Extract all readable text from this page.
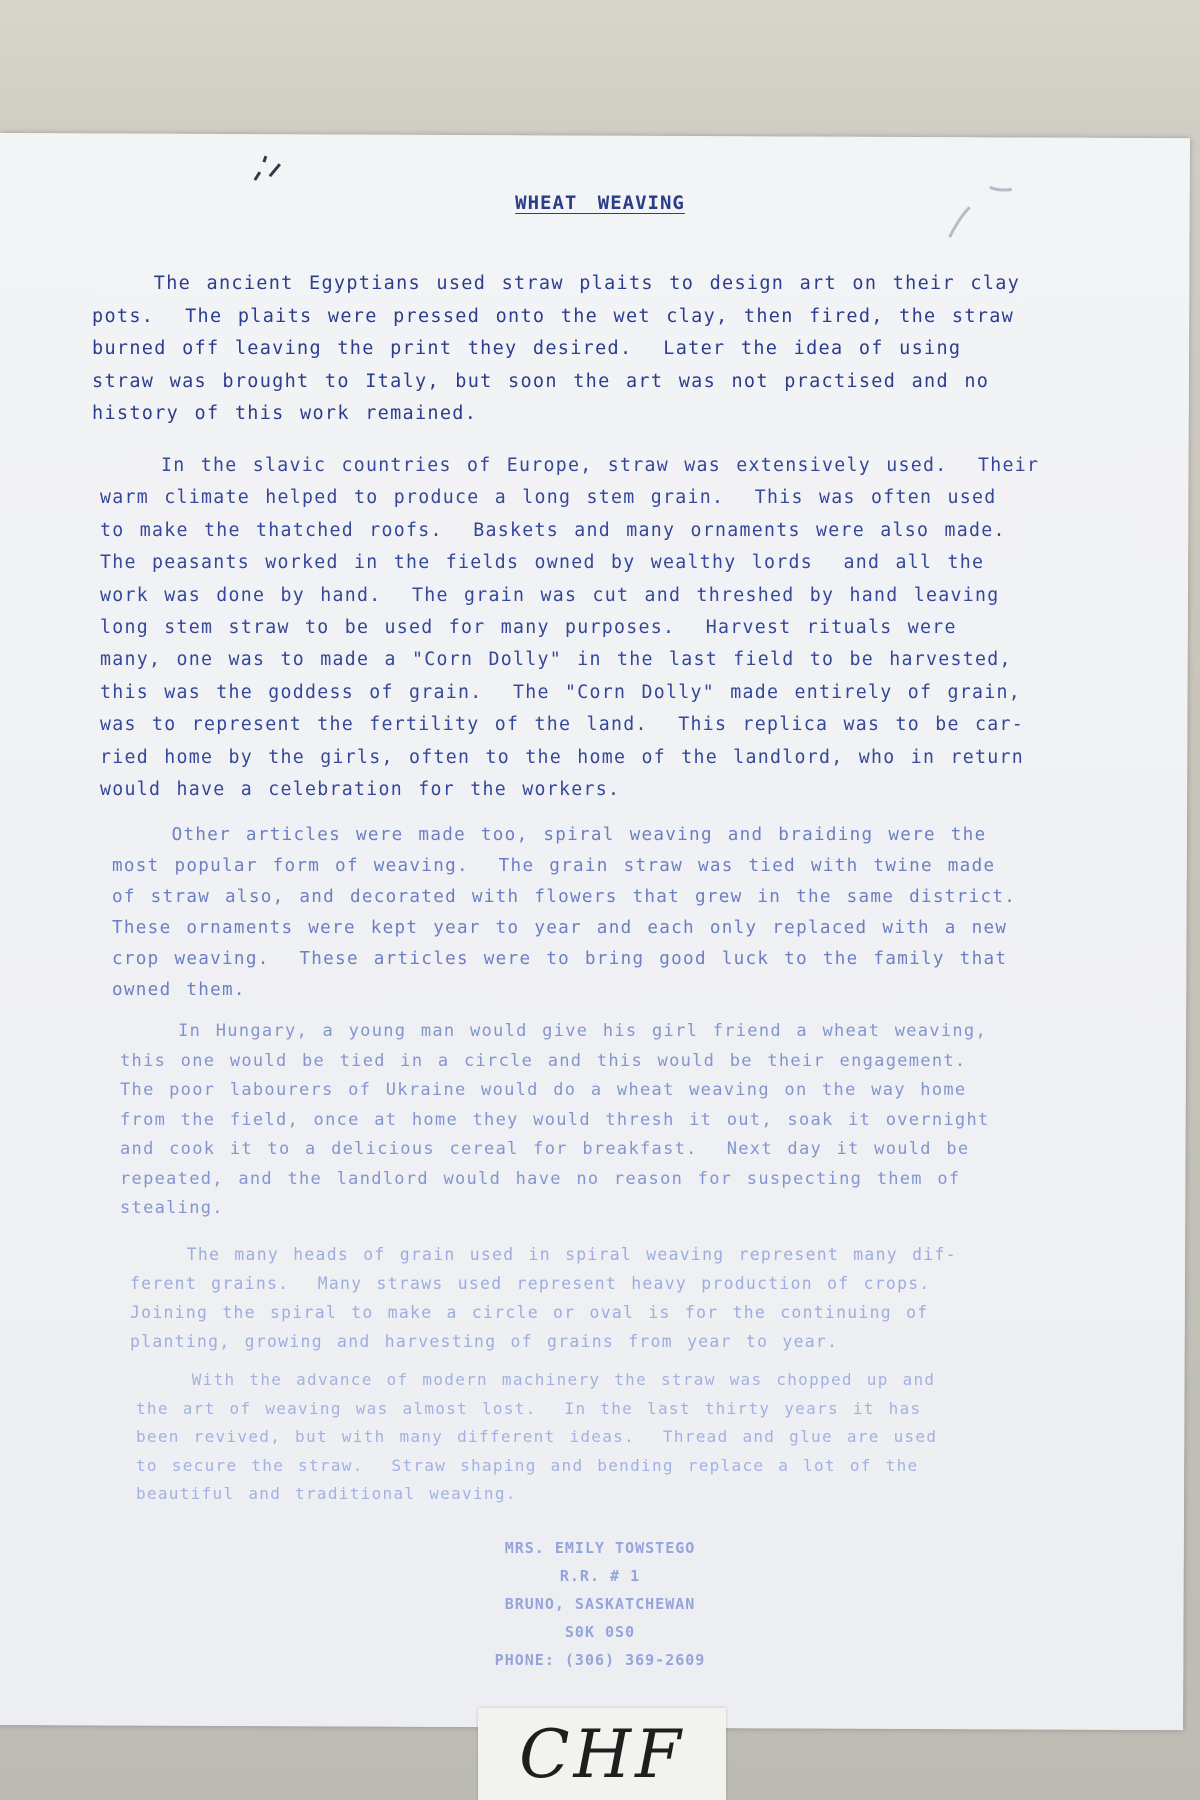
WHEAT WEAVING

The ancient Egyptians used straw plaits to design art on their clay
pots.  The plaits were pressed onto the wet clay, then fired, the straw
burned off leaving the print they desired.  Later the idea of using
straw was brought to Italy, but soon the art was not practised and no
history of this work remained.

In the slavic countries of Europe, straw was extensively used.  Their
warm climate helped to produce a long stem grain.  This was often used
to make the thatched roofs.  Baskets and many ornaments were also made.
The peasants worked in the fields owned by wealthy lords  and all the
work was done by hand.  The grain was cut and threshed by hand leaving
long stem straw to be used for many purposes.  Harvest rituals were
many, one was to made a "Corn Dolly" in the last field to be harvested,
this was the goddess of grain.  The "Corn Dolly" made entirely of grain,
was to represent the fertility of the land.  This replica was to be car-
ried home by the girls, often to the home of the landlord, who in return
would have a celebration for the workers.

Other articles were made too, spiral weaving and braiding were the
most popular form of weaving.  The grain straw was tied with twine made
of straw also, and decorated with flowers that grew in the same district.
These ornaments were kept year to year and each only replaced with a new
crop weaving.  These articles were to bring good luck to the family that
owned them.

In Hungary, a young man would give his girl friend a wheat weaving,
this one would be tied in a circle and this would be their engagement.
The poor labourers of Ukraine would do a wheat weaving on the way home
from the field, once at home they would thresh it out, soak it overnight
and cook it to a delicious cereal for breakfast.  Next day it would be
repeated, and the landlord would have no reason for suspecting them of
stealing.

The many heads of grain used in spiral weaving represent many dif-
ferent grains.  Many straws used represent heavy production of crops.
Joining the spiral to make a circle or oval is for the continuing of
planting, growing and harvesting of grains from year to year.

With the advance of modern machinery the straw was chopped up and
the art of weaving was almost lost.  In the last thirty years it has
been revived, but with many different ideas.  Thread and glue are used
to secure the straw.  Straw shaping and bending replace a lot of the
beautiful and traditional weaving.

MRS. EMILY TOWSTEGO
R.R. # 1
BRUNO, SASKATCHEWAN
S0K 0S0
PHONE: (306) 369-2609
CHF
